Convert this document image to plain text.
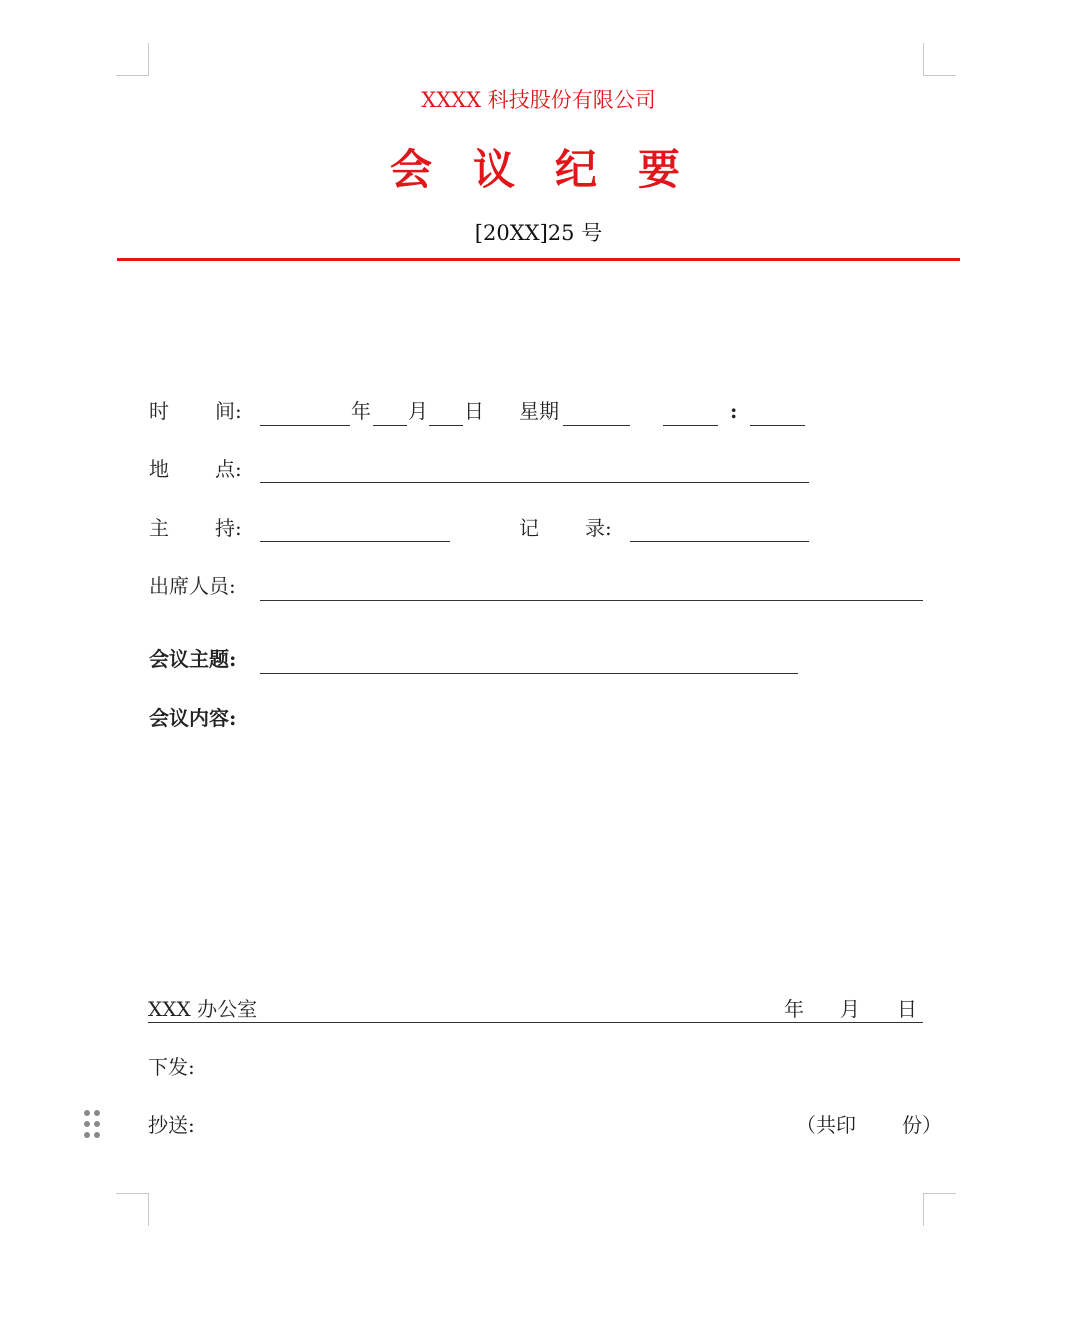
XXXX 科技股份有限公司
会 议 纪 要
[20XX]25 号
时 间:	年 月 日 星期	:
地 点:
主 持:	记 录:
出席人员:
会议主题:
会议内容:
XXX 办公室	年 月 日
下发:
抄送:	（共印 份）
